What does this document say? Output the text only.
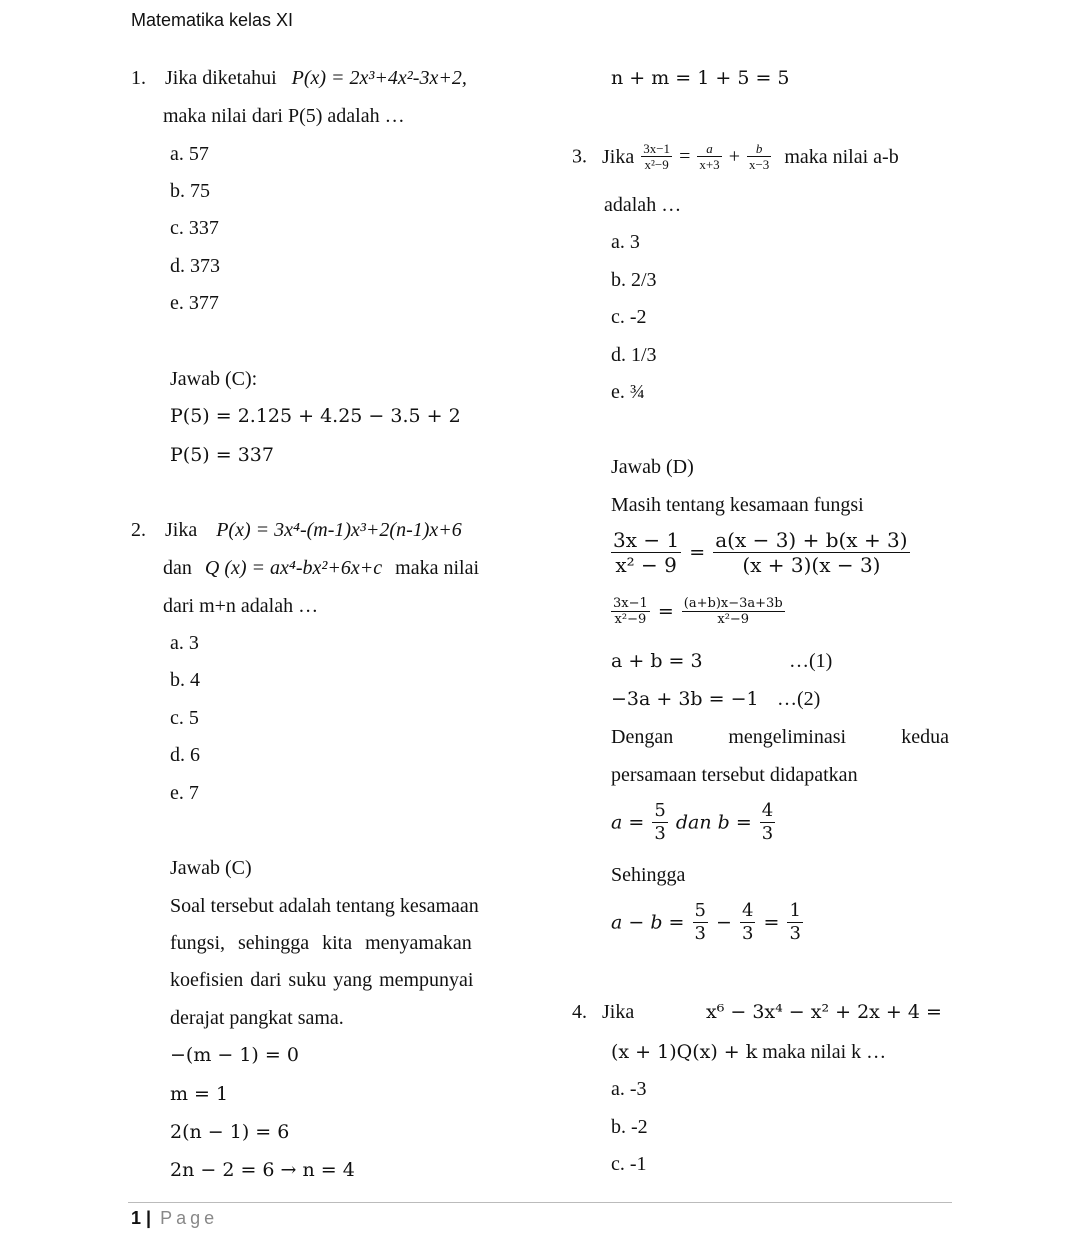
Matematika kelas XI
1. Jika diketahui P(x) = 2x³+4x²-3x+2,
maka nilai dari P(5) adalah …
a. 57
b. 75
c. 337
d. 373
e. 377
Jawab (C):
P(5) = 2.125 + 4.25 − 3.5 + 2
P(5) = 337
2. Jika P(x) = 3x⁴-(m-1)x³+2(n-1)x+6
dan Q (x) = ax⁴-bx²+6x+c maka nilai
dari m+n adalah …
a. 3
b. 4
c. 5
d. 6
e. 7
Jawab (C)
Soal tersebut adalah tentang kesamaan
fungsi, sehingga kita menyamakan
koefisien dari suku yang mempunyai
derajat pangkat sama.
−(m − 1) = 0
m = 1
2(n − 1) = 6
2n − 2 = 6 → n = 4
n + m = 1 + 5 = 5
3. Jika $\frac{3x-1}{\text{x²−9}} = \frac{a}{x+3} + \frac{b}{x-3}$ maka nilai a-b
adalah …
a. 3
b. 2/3
c. -2
d. 1/3
e. ¾
Jawab (D)
Masih tentang kesamaan fungsi
$\frac{3x - 1}{\text{x² − 9}} = \frac{a(x - 3) + b(x + 3)}{(x + 3)(x - 3)}$
$\frac{3x-1}{\text{x²−9}} = \frac{(a+b)x-3a+3b}{\text{x²−9}}$
a + b = 3	…(1)
−3a + 3b = −1 …(2)
Dengan	mengeliminasi	kedua
persamaan tersebut didapatkan
$a = \frac{5}{3}$ dan $b = \frac{4}{3}$
Sehingga
$a - b = \frac{5}{3} - \frac{4}{3} = \frac{1}{3}$
4. Jika	x⁶ − 3x⁴ − x² + 2x + 4 =
(x + 1)Q(x) + k maka nilai k …
a. -3
b. -2
c. -1
1 | Page
